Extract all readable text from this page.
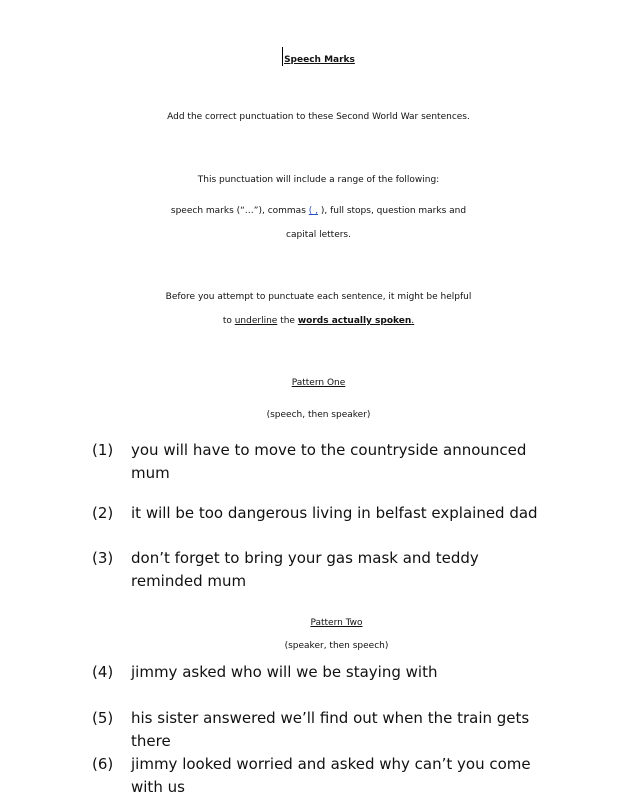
Speech Marks
Add the correct punctuation to these Second World War sentences.
This punctuation will include a range of the following:
speech marks (“…”), commas ( , ), full stops, question marks and
capital letters.
Before you attempt to punctuate each sentence, it might be helpful
to underline the words actually spoken.
Pattern One
(speech, then speaker)
(1) you will have to move to the countryside announced mum
(2) it will be too dangerous living in belfast explained dad
(3) don’t forget to bring your gas mask and teddy reminded mum
Pattern Two
(speaker, then speech)
(4) jimmy asked who will we be staying with
(5) his sister answered we’ll find out when the train gets there
(6) jimmy looked worried and asked why can’t you come with us
